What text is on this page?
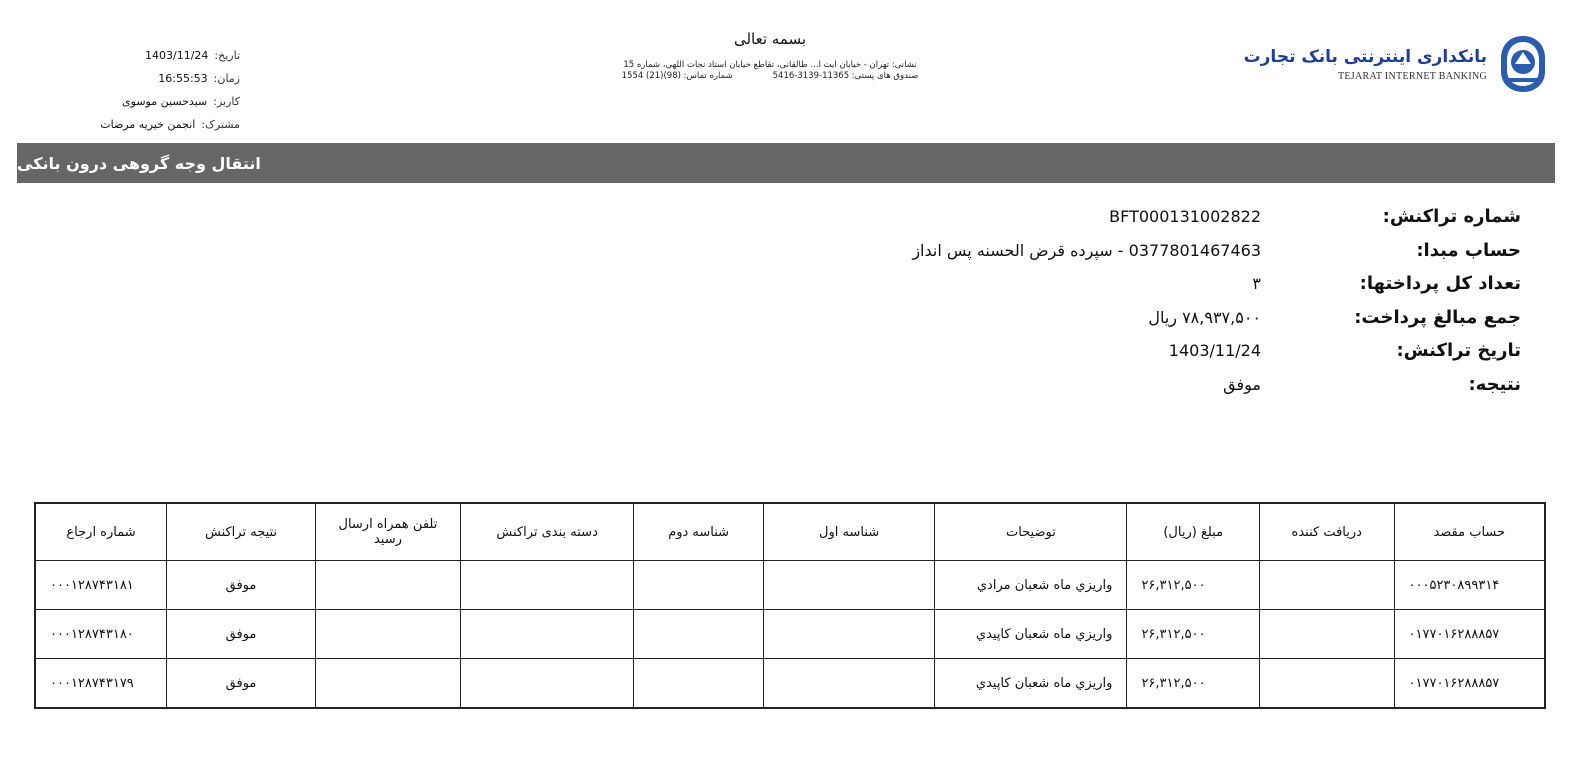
تاریخ:
1403/11/24
زمان:
16:55:53
کاربر:
سیدحسین موسوی
مشترک:
انجمن خیریه مرضات
بسمه تعالی
نشانی: تهران - خیابان ایت ا... طالقانی، تقاطع خیابان استاد نجات اللهی، شماره 15
صندوق های پستی: 11365-3139-5416
شماره تماس: (98)(21) 1554
بانکداری اینترنتی بانک تجارت
TEJARAT INTERNET BANKING
انتقال وجه گروهی درون بانکی
شماره تراکنش:
BFT000131002822
حساب مبدا:
0377801467463 - سپرده قرض الحسنه پس انداز
تعداد کل پرداختها:
۳
جمع مبالغ پرداخت:
۷۸,۹۳۷,۵۰۰ ریال
تاریخ تراکنش:
1403/11/24
نتیجه:
موفق
حساب مقصد	دریافت کننده	مبلغ (ریال)	توضیحات	شناسه اول	شناسه دوم	دسته بندی تراکنش	تلفن همراه ارسال رسید	نتیجه تراکنش	شماره ارجاع
۰۰۰۵۲۳۰۸۹۹۳۱۴		۲۶,۳۱۲,۵۰۰	واریزي ماه شعبان مرادي					موفق	۰۰۰۱۲۸۷۴۳۱۸۱
۰۱۷۷۰۱۶۲۸۸۸۵۷		۲۶,۳۱۲,۵۰۰	واریزي ماه شعبان کاپیدي					موفق	۰۰۰۱۲۸۷۴۳۱۸۰
۰۱۷۷۰۱۶۲۸۸۸۵۷		۲۶,۳۱۲,۵۰۰	واریزي ماه شعبان کاپیدي					موفق	۰۰۰۱۲۸۷۴۳۱۷۹
